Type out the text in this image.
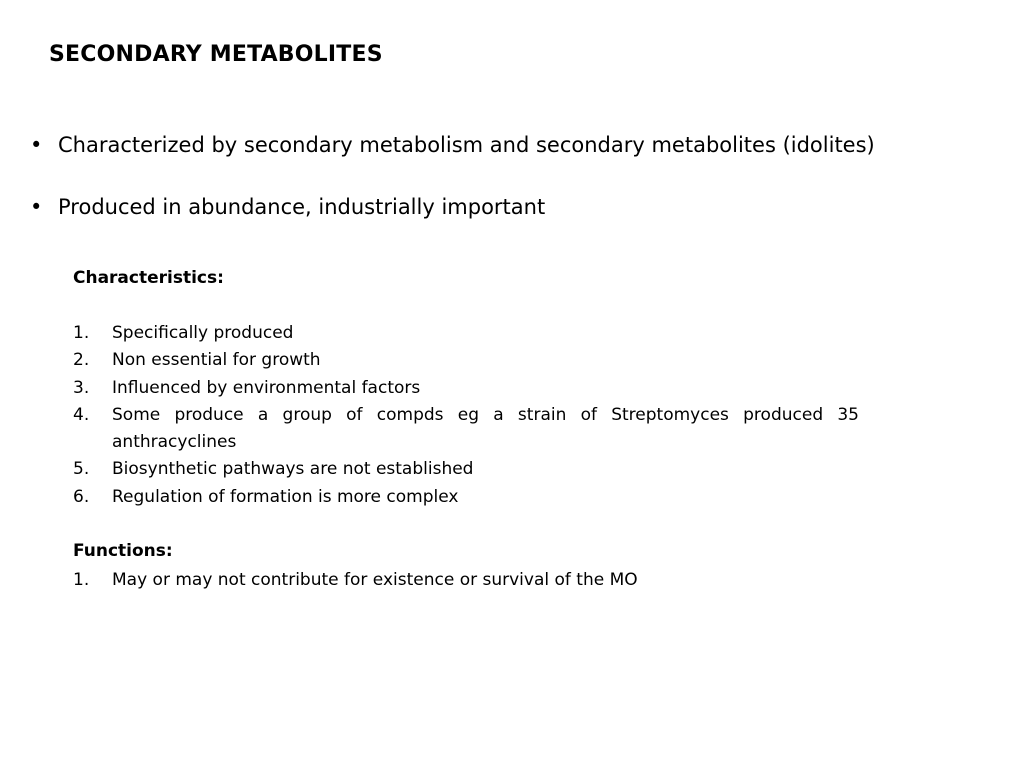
SECONDARY METABOLITES
• Characterized by secondary metabolism and secondary metabolites (idolites)
• Produced in abundance, industrially important
Characteristics:
1.	Specifically produced
2.	Non essential for growth
3.	Influenced by environmental factors
4.	Some produce a group of compds eg a strain of Streptomyces produced 35 anthracyclines
5.	Biosynthetic pathways are not established
6.	Regulation of formation is more complex
Functions:
1.	May or may not contribute for existence or survival of the MO
